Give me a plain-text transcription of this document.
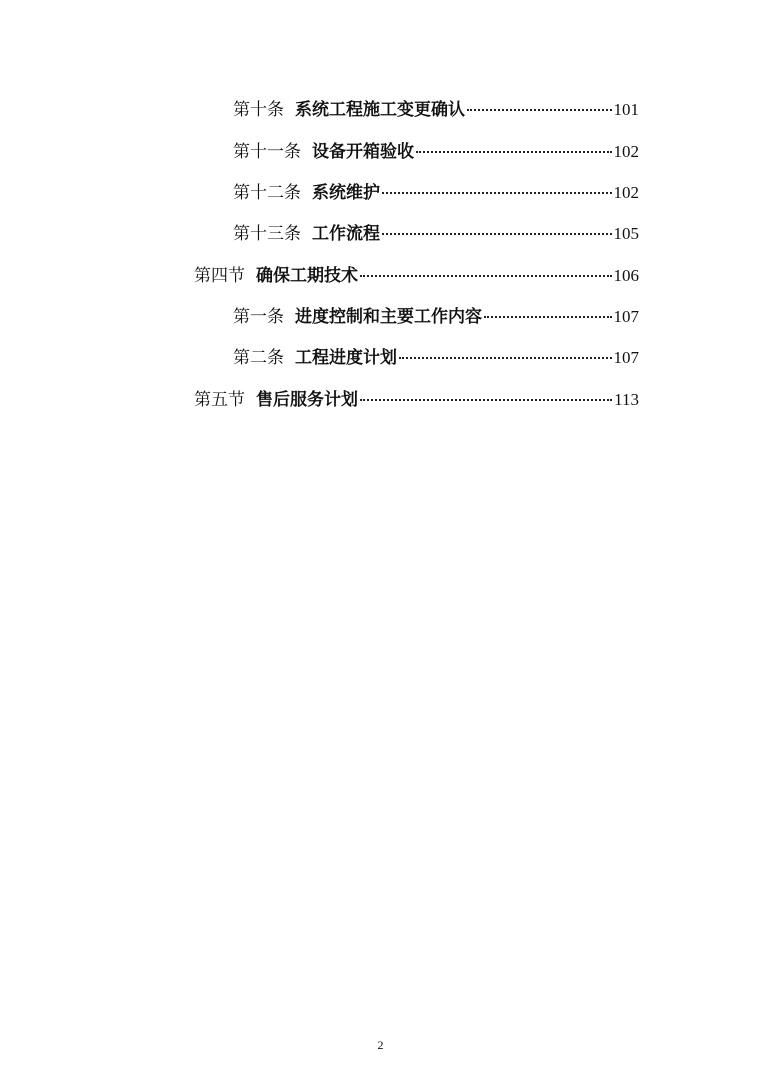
第十条 系统工程施工变更确认	101
第十一条 设备开箱验收	102
第十二条 系统维护	102
第十三条 工作流程	105
第四节 确保工期技术	106
第一条 进度控制和主要工作内容	107
第二条 工程进度计划	107
第五节 售后服务计划	113
2
